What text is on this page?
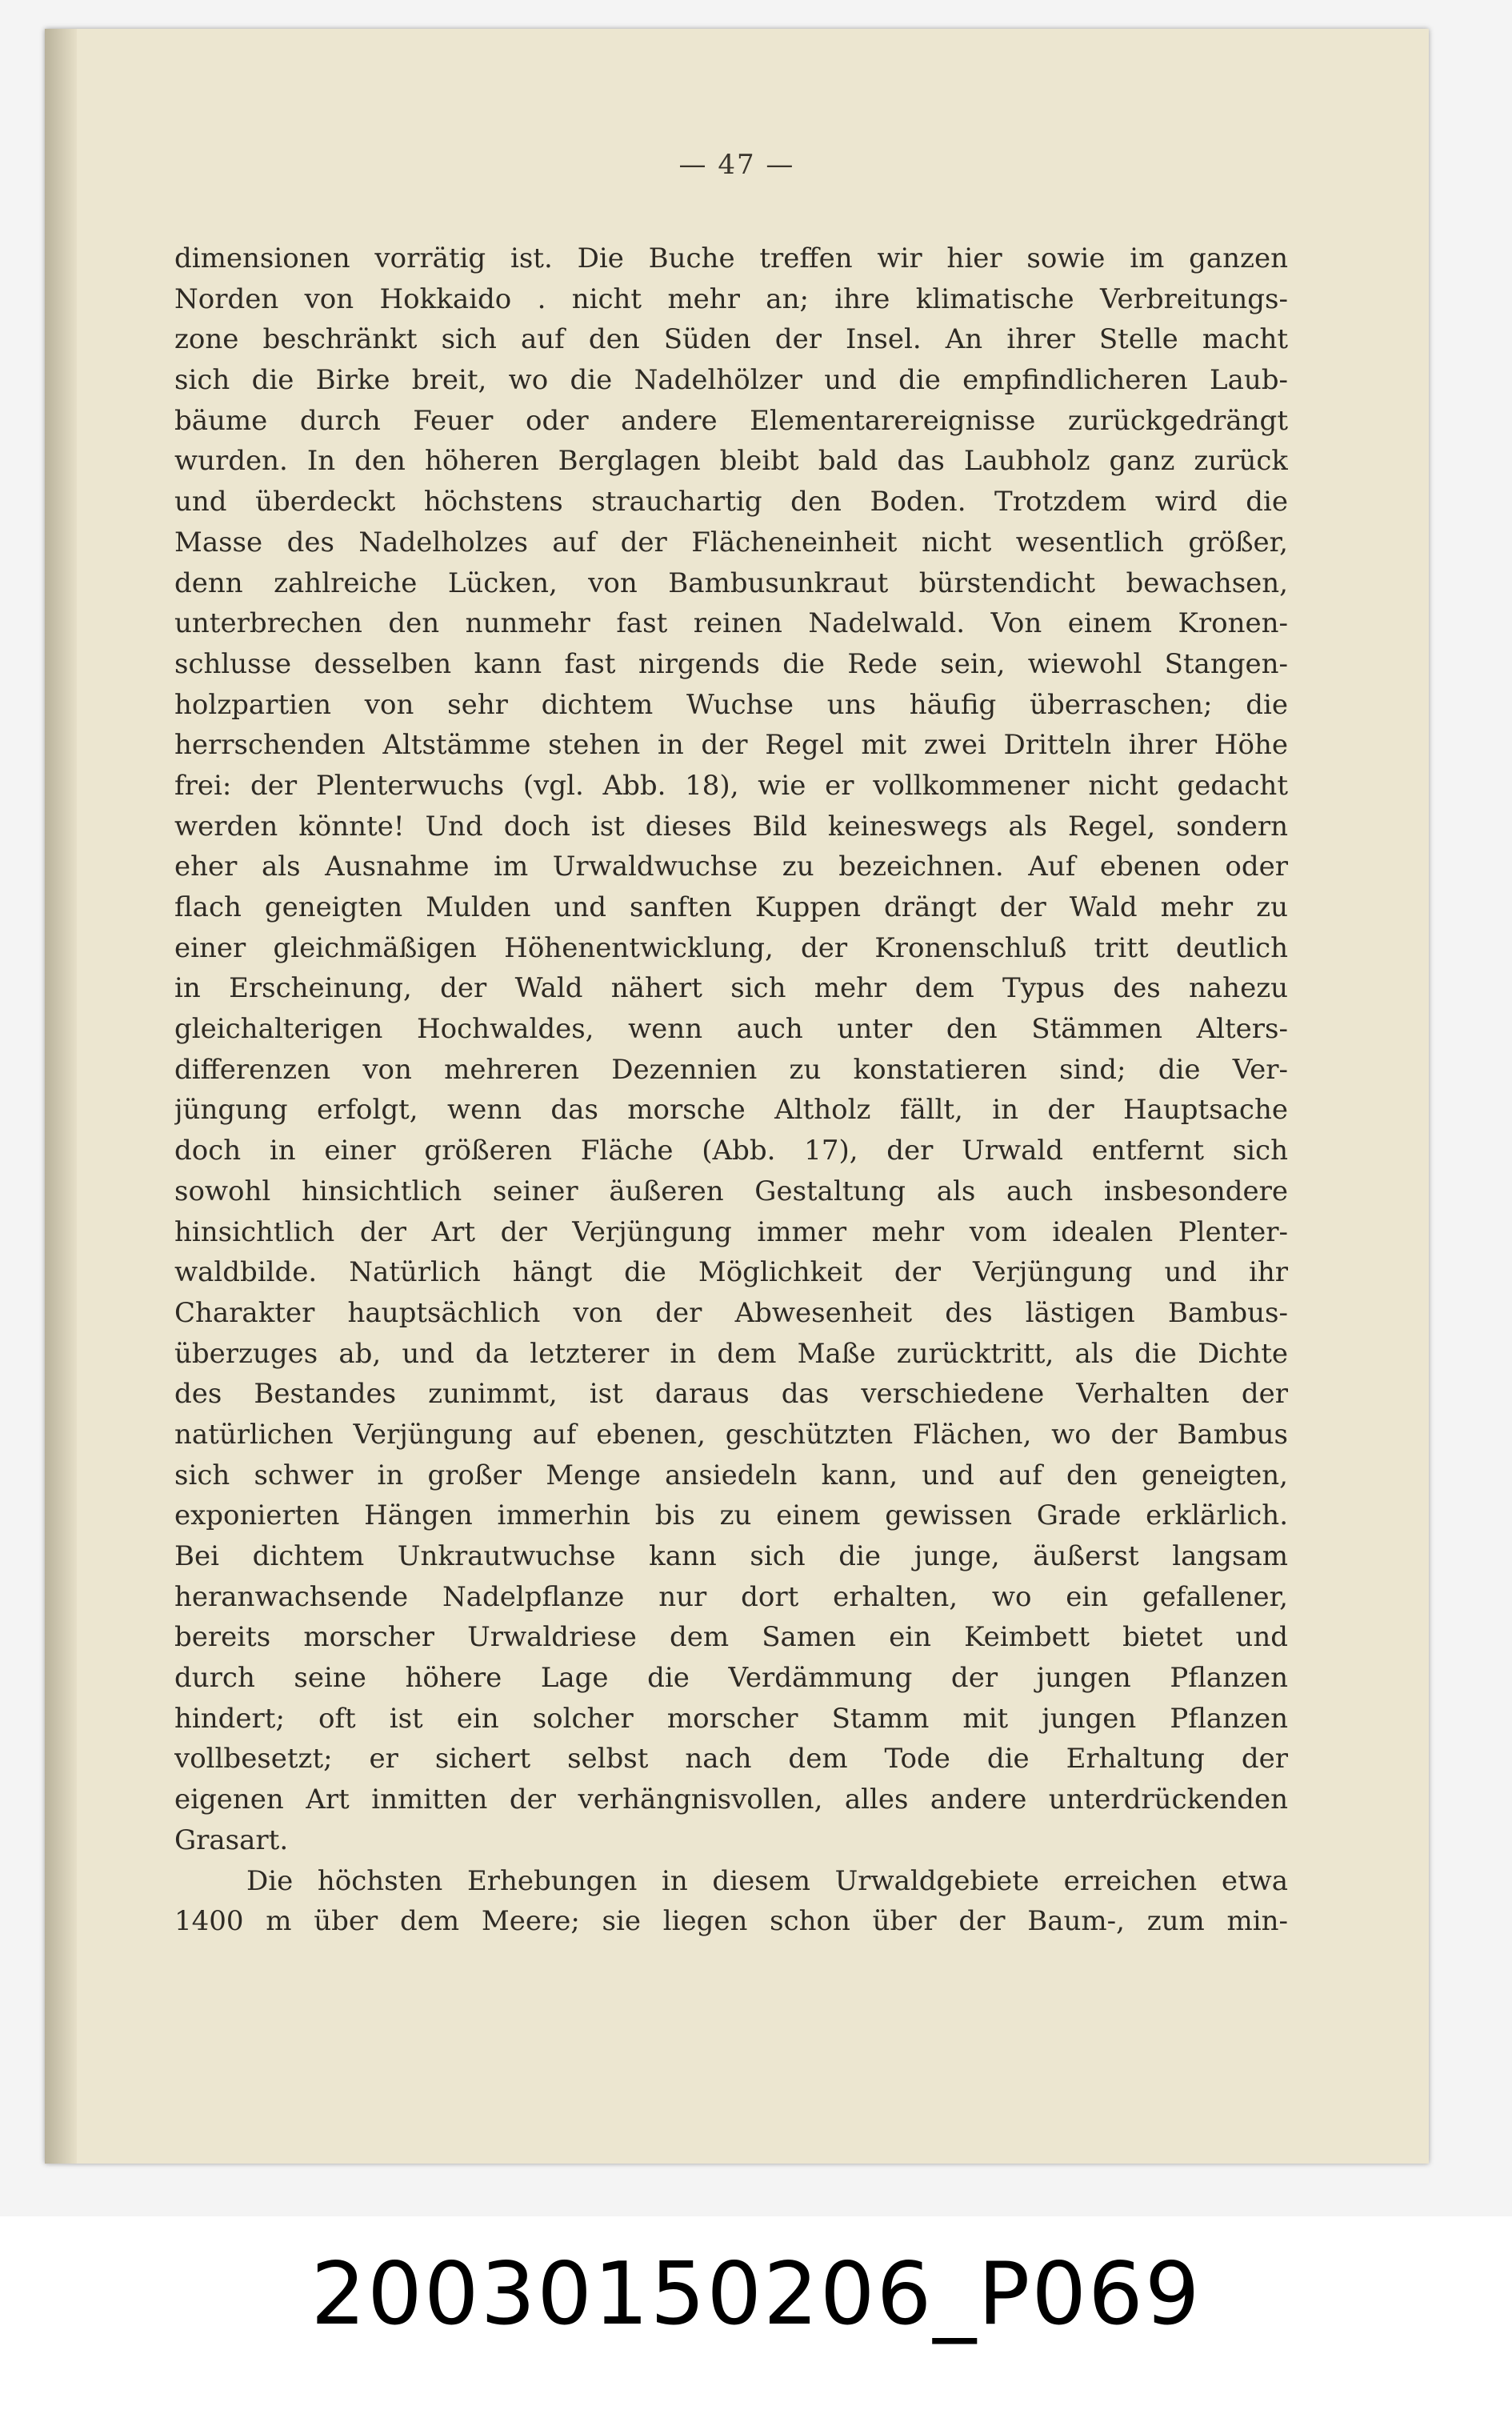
— 47 —
dimensionen vorrätig ist. Die Buche treffen wir hier sowie im ganzen
Norden von Hokkaido . nicht mehr an; ihre klimatische Verbreitungs-
zone beschränkt sich auf den Süden der Insel. An ihrer Stelle macht
sich die Birke breit, wo die Nadelhölzer und die empfindlicheren Laub-
bäume durch Feuer oder andere Elementarereignisse zurückgedrängt
wurden. In den höheren Berglagen bleibt bald das Laubholz ganz zurück
und überdeckt höchstens strauchartig den Boden. Trotzdem wird die
Masse des Nadelholzes auf der Flächeneinheit nicht wesentlich größer,
denn zahlreiche Lücken, von Bambusunkraut bürstendicht bewachsen,
unterbrechen den nunmehr fast reinen Nadelwald. Von einem Kronen-
schlusse desselben kann fast nirgends die Rede sein, wiewohl Stangen-
holzpartien von sehr dichtem Wuchse uns häufig überraschen; die
herrschenden Altstämme stehen in der Regel mit zwei Dritteln ihrer Höhe
frei: der Plenterwuchs (vgl. Abb. 18), wie er vollkommener nicht gedacht
werden könnte! Und doch ist dieses Bild keineswegs als Regel, sondern
eher als Ausnahme im Urwaldwuchse zu bezeichnen. Auf ebenen oder
flach geneigten Mulden und sanften Kuppen drängt der Wald mehr zu
einer gleichmäßigen Höhenentwicklung, der Kronenschluß tritt deutlich
in Erscheinung, der Wald nähert sich mehr dem Typus des nahezu
gleichalterigen Hochwaldes, wenn auch unter den Stämmen Alters-
differenzen von mehreren Dezennien zu konstatieren sind; die Ver-
jüngung erfolgt, wenn das morsche Altholz fällt, in der Hauptsache
doch in einer größeren Fläche (Abb. 17), der Urwald entfernt sich
sowohl hinsichtlich seiner äußeren Gestaltung als auch insbesondere
hinsichtlich der Art der Verjüngung immer mehr vom idealen Plenter-
waldbilde. Natürlich hängt die Möglichkeit der Verjüngung und ihr
Charakter hauptsächlich von der Abwesenheit des lästigen Bambus-
überzuges ab, und da letzterer in dem Maße zurücktritt, als die Dichte
des Bestandes zunimmt, ist daraus das verschiedene Verhalten der
natürlichen Verjüngung auf ebenen, geschützten Flächen, wo der Bambus
sich schwer in großer Menge ansiedeln kann, und auf den geneigten,
exponierten Hängen immerhin bis zu einem gewissen Grade erklärlich.
Bei dichtem Unkrautwuchse kann sich die junge, äußerst langsam
heranwachsende Nadelpflanze nur dort erhalten, wo ein gefallener,
bereits morscher Urwaldriese dem Samen ein Keimbett bietet und
durch seine höhere Lage die Verdämmung der jungen Pflanzen
hindert; oft ist ein solcher morscher Stamm mit jungen Pflanzen
vollbesetzt; er sichert selbst nach dem Tode die Erhaltung der
eigenen Art inmitten der verhängnisvollen, alles andere unterdrückenden
Grasart.
Die höchsten Erhebungen in diesem Urwaldgebiete erreichen etwa
1400 m über dem Meere; sie liegen schon über der Baum-, zum min-
20030150206_P069
